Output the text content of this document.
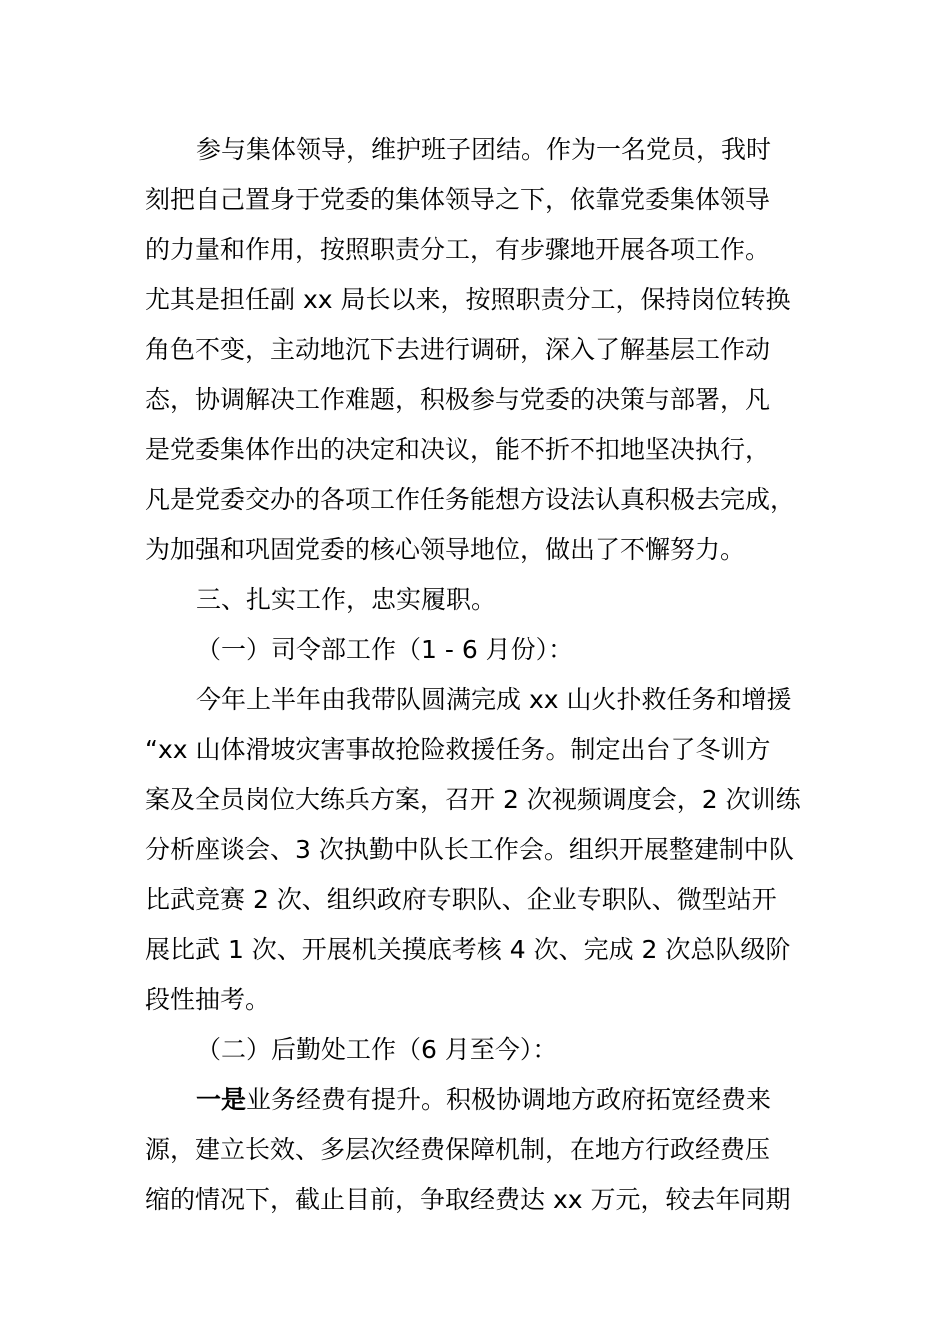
参与集体领导，维护班子团结。作为一名党员，我时
刻把自己置身于党委的集体领导之下，依靠党委集体领导
的力量和作用，按照职责分工，有步骤地开展各项工作。
尤其是担任副 xx 局长以来，按照职责分工，保持岗位转换
角色不变，主动地沉下去进行调研，深入了解基层工作动
态，协调解决工作难题，积极参与党委的决策与部署，凡
是党委集体作出的决定和决议，能不折不扣地坚决执行，
凡是党委交办的各项工作任务能想方设法认真积极去完成，
为加强和巩固党委的核心领导地位，做出了不懈努力。
三、扎实工作，忠实履职。
（一）司令部工作（1 - 6 月份）：
今年上半年由我带队圆满完成 xx 山火扑救任务和增援
“xx 山体滑坡灾害事故抢险救援任务。制定出台了冬训方
案及全员岗位大练兵方案，召开 2 次视频调度会，2 次训练
分析座谈会、3 次执勤中队长工作会。组织开展整建制中队
比武竞赛 2 次、组织政府专职队、企业专职队、微型站开
展比武 1 次、开展机关摸底考核 4 次、完成 2 次总队级阶
段性抽考。
（二）后勤处工作（6 月至今）：
一是业务经费有提升。积极协调地方政府拓宽经费来
源，建立长效、多层次经费保障机制，在地方行政经费压
缩的情况下，截止目前，争取经费达 xx 万元，较去年同期
